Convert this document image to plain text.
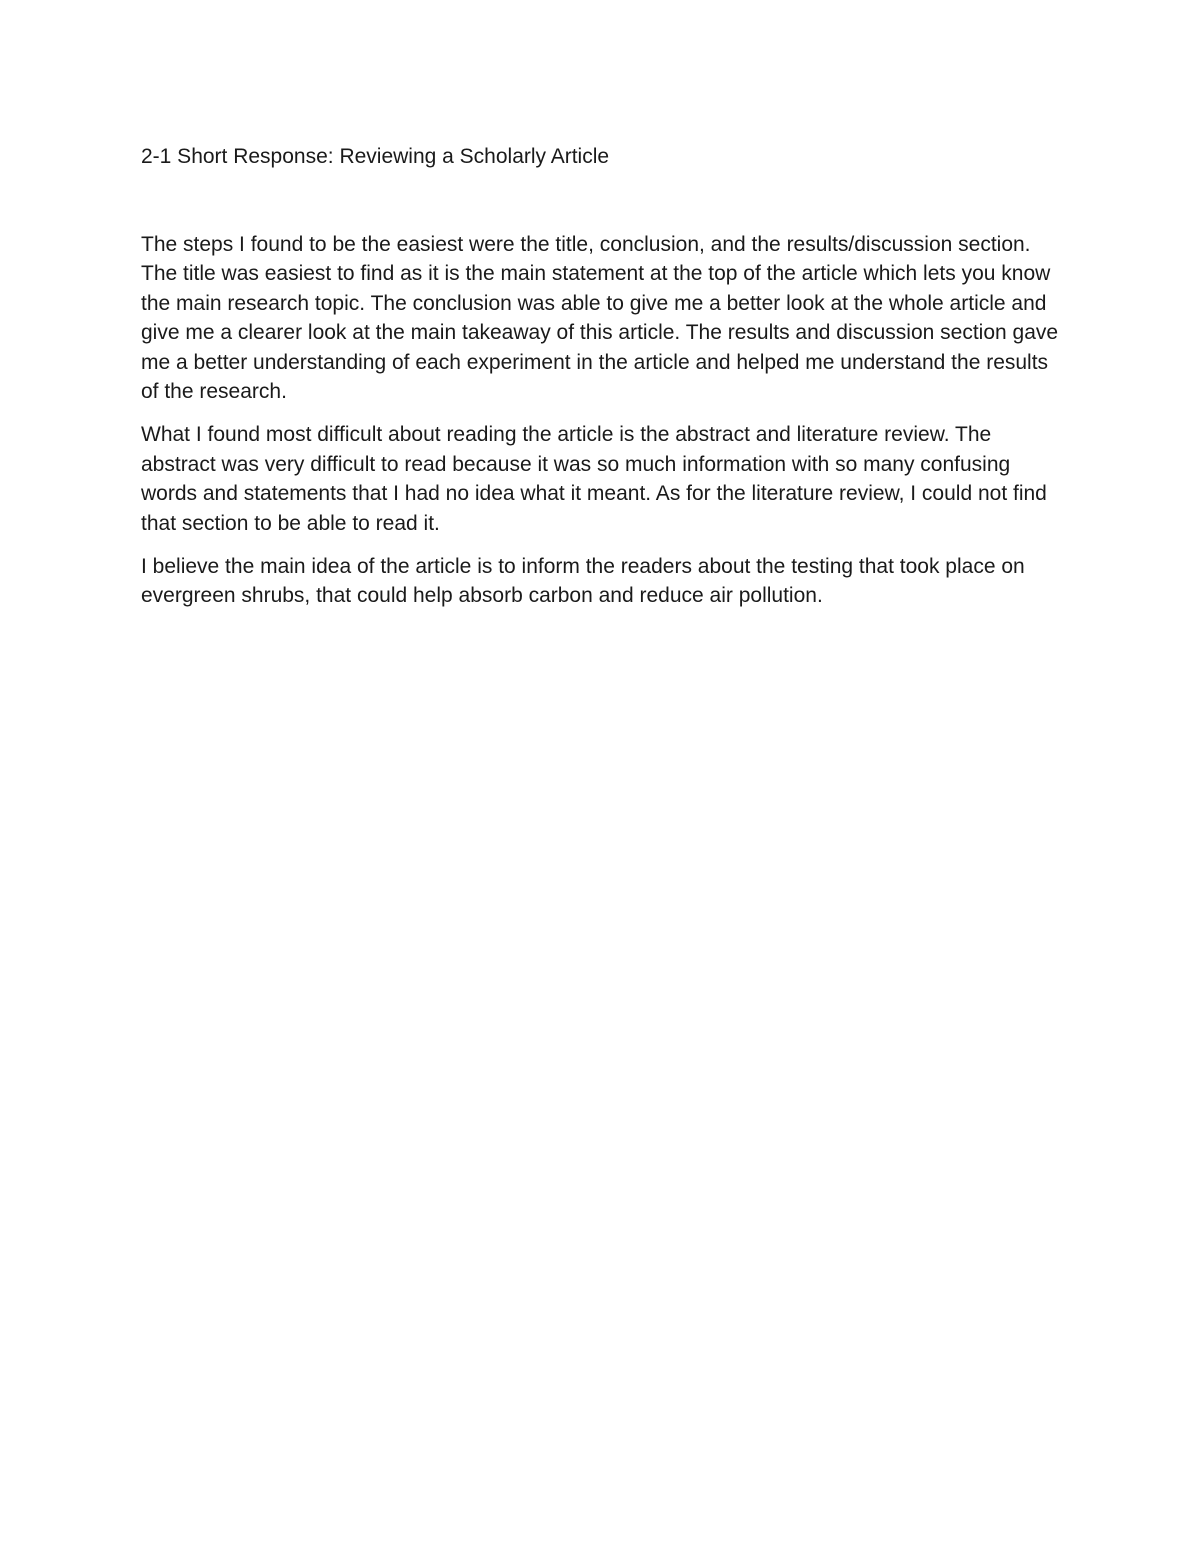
2-1 Short Response: Reviewing a Scholarly Article

The steps I found to be the easiest were the title, conclusion, and the results/discussion section. The title was easiest to find as it is the main statement at the top of the article which lets you know the main research topic. The conclusion was able to give me a better look at the whole article and give me a clearer look at the main takeaway of this article. The results and discussion section gave me a better understanding of each experiment in the article and helped me understand the results of the research.

What I found most difficult about reading the article is the abstract and literature review. The abstract was very difficult to read because it was so much information with so many confusing words and statements that I had no idea what it meant. As for the literature review, I could not find that section to be able to read it.

I believe the main idea of the article is to inform the readers about the testing that took place on evergreen shrubs, that could help absorb carbon and reduce air pollution.
